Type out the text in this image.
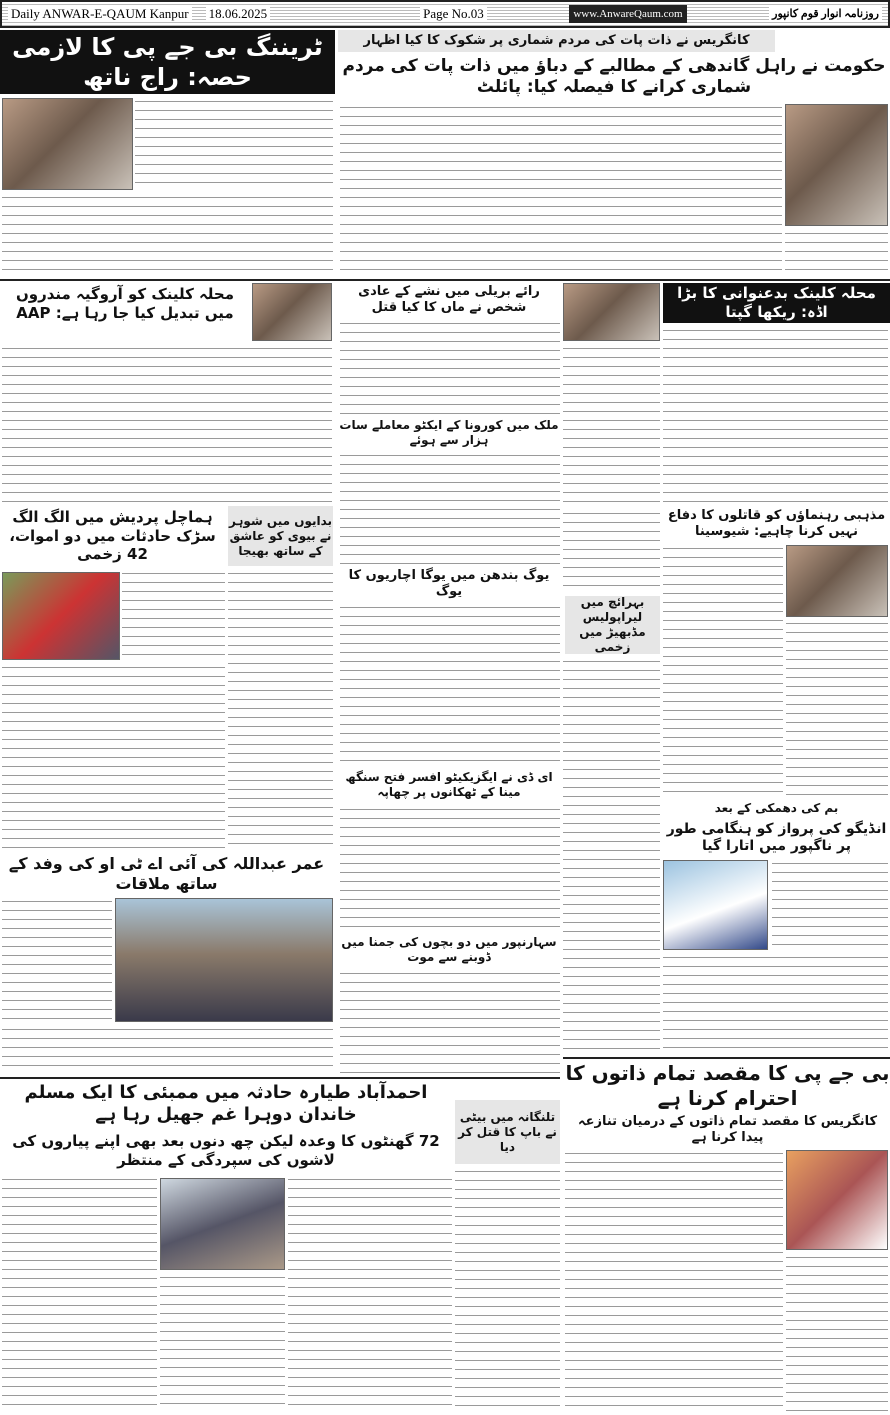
Daily ANWAR-E-QAUM Kanpur 18.06.2025	Page No.03	www.AnwareQaum.com	روزنامہ انوار قوم کانپور
ٹریننگ بی جے پی کا لازمی حصہ: راج ناتھ
کانگریس نے ذات پات کی مردم شماری پر شکوک کا کیا اظہار
حکومت نے راہل گاندھی کے مطالبے کے دباؤ میں ذات پات کی مردم شماری کرانے کا فیصلہ کیا: پائلٹ
محلہ کلینک کو آروگیہ مندروں میں تبدیل کیا جا رہا ہے: AAP
رائے بریلی میں نشے کے عادی شخص نے ماں کا کیا قتل
ملک میں کورونا کے ایکٹو معاملے سات ہزار سے ہوئے
محلہ کلینک بدعنوانی کا بڑا اڈہ: ریکھا گپتا
ہماچل پردیش میں الگ الگ سڑک حادثات میں دو اموات، 42 زخمی
بدایوں میں شوہر نے بیوی کو عاشق کے ساتھ بھیجا
یوگ بندھن میں یوگا اچاریوں کا یوگ
ای ڈی نے ایگزیکیٹو افسر فتح سنگھ مینا کے ٹھکانوں پر چھاپہ
سہارنپور میں دو بچوں کی جمنا میں ڈوبنے سے موت
بہرائچ میں لیراپولیس مڈبھیڑ میں زخمی
مذہبی رہنماؤں کو قاتلوں کا دفاع نہیں کرنا چاہیے: شیوسینا
بم کی دھمکی کے بعد
انڈیگو کی پرواز کو ہنگامی طور پر ناگپور میں اتارا گیا
عمر عبداللہ کی آئی اے ٹی او کی وفد کے ساتھ ملاقات
بی جے پی کا مقصد تمام ذاتوں کا احترام کرنا ہے
کانگریس کا مقصد تمام ذاتوں کے درمیان تنازعہ پیدا کرنا ہے
احمدآباد طیارہ حادثہ میں ممبئی کا ایک مسلم خاندان دوہرا غم جھیل رہا ہے
72 گھنٹوں کا وعدہ لیکن چھ دنوں بعد بھی اپنے پیاروں کی لاشوں کی سپردگی کے منتظر
تلنگانہ میں بیٹی نے باپ کا قتل کر دیا
